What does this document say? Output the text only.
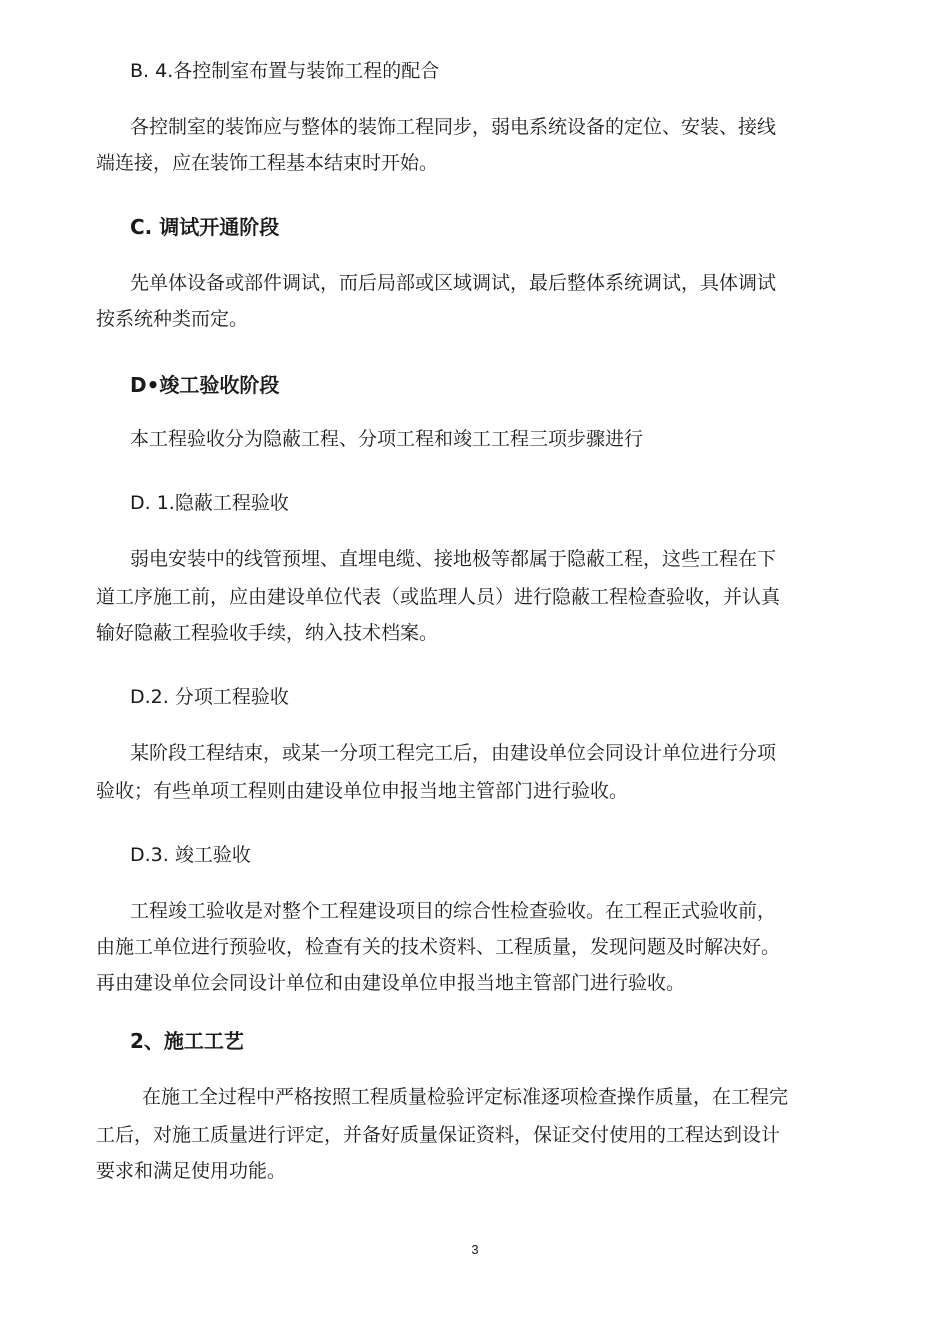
B. 4.各控制室布置与装饰工程的配合
各控制室的装饰应与整体的装饰工程同步，弱电系统设备的定位、安装、接线
端连接，应在装饰工程基本结束时开始。
C. 调试开通阶段
先单体设备或部件调试，而后局部或区域调试，最后整体系统调试，具体调试
按系统种类而定。
D•竣工验收阶段
本工程验收分为隐蔽工程、分项工程和竣工工程三项步骤进行
D. 1.隐蔽工程验收
弱电安装中的线管预埋、直埋电缆、接地极等都属于隐蔽工程，这些工程在下
道工序施工前，应由建设单位代表（或监理人员）进行隐蔽工程检查验收，并认真
输好隐蔽工程验收手续，纳入技术档案。
D.2. 分项工程验收
某阶段工程结束，或某一分项工程完工后，由建设单位会同设计单位进行分项
验收；有些单项工程则由建设单位申报当地主管部门进行验收。
D.3. 竣工验收
工程竣工验收是对整个工程建设项目的综合性检查验收。在工程正式验收前，
由施工单位进行预验收，检查有关的技术资料、工程质量，发现问题及时解决好。
再由建设单位会同设计单位和由建设单位申报当地主管部门进行验收。
2、施工工艺
在施工全过程中严格按照工程质量检验评定标准逐项检查操作质量，在工程完
工后，对施工质量进行评定，并备好质量保证资料，保证交付使用的工程达到设计
要求和满足使用功能。
3
